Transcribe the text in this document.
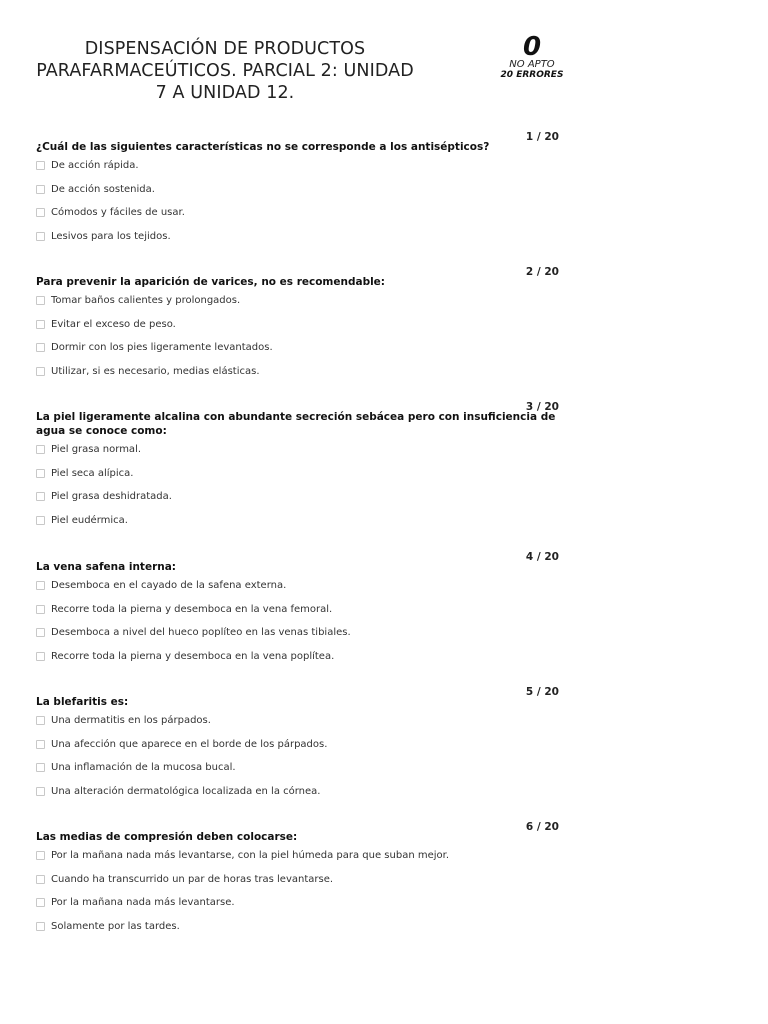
DISPENSACIÓN DE PRODUCTOS PARAFARMACEÚTICOS. PARCIAL 2: UNIDAD 7 A UNIDAD 12.
0
NO APTO
20 ERRORES
1 / 20

¿Cuál de las siguientes características no se corresponde a los antisépticos?

De acción rápida.
De acción sostenida.
Cómodos y fáciles de usar.
Lesivos para los tejidos.
2 / 20

Para prevenir la aparición de varices, no es recomendable:

Tomar baños calientes y prolongados.
Evitar el exceso de peso.
Dormir con los pies ligeramente levantados.
Utilizar, si es necesario, medias elásticas.
3 / 20

La piel ligeramente alcalina con abundante secreción sebácea pero con insuficiencia de agua se conoce como:

Piel grasa normal.
Piel seca alípica.
Piel grasa deshidratada.
Piel eudérmica.
4 / 20

La vena safena interna:

Desemboca en el cayado de la safena externa.
Recorre toda la pierna y desemboca en la vena femoral.
Desemboca a nivel del hueco poplíteo en las venas tibiales.
Recorre toda la pierna y desemboca en la vena poplítea.
5 / 20

La blefaritis es:

Una dermatitis en los párpados.
Una afección que aparece en el borde de los párpados.
Una inflamación de la mucosa bucal.
Una alteración dermatológica localizada en la córnea.
6 / 20

Las medias de compresión deben colocarse:

Por la mañana nada más levantarse, con la piel húmeda para que suban mejor.
Cuando ha transcurrido un par de horas tras levantarse.
Por la mañana nada más levantarse.
Solamente por las tardes.
